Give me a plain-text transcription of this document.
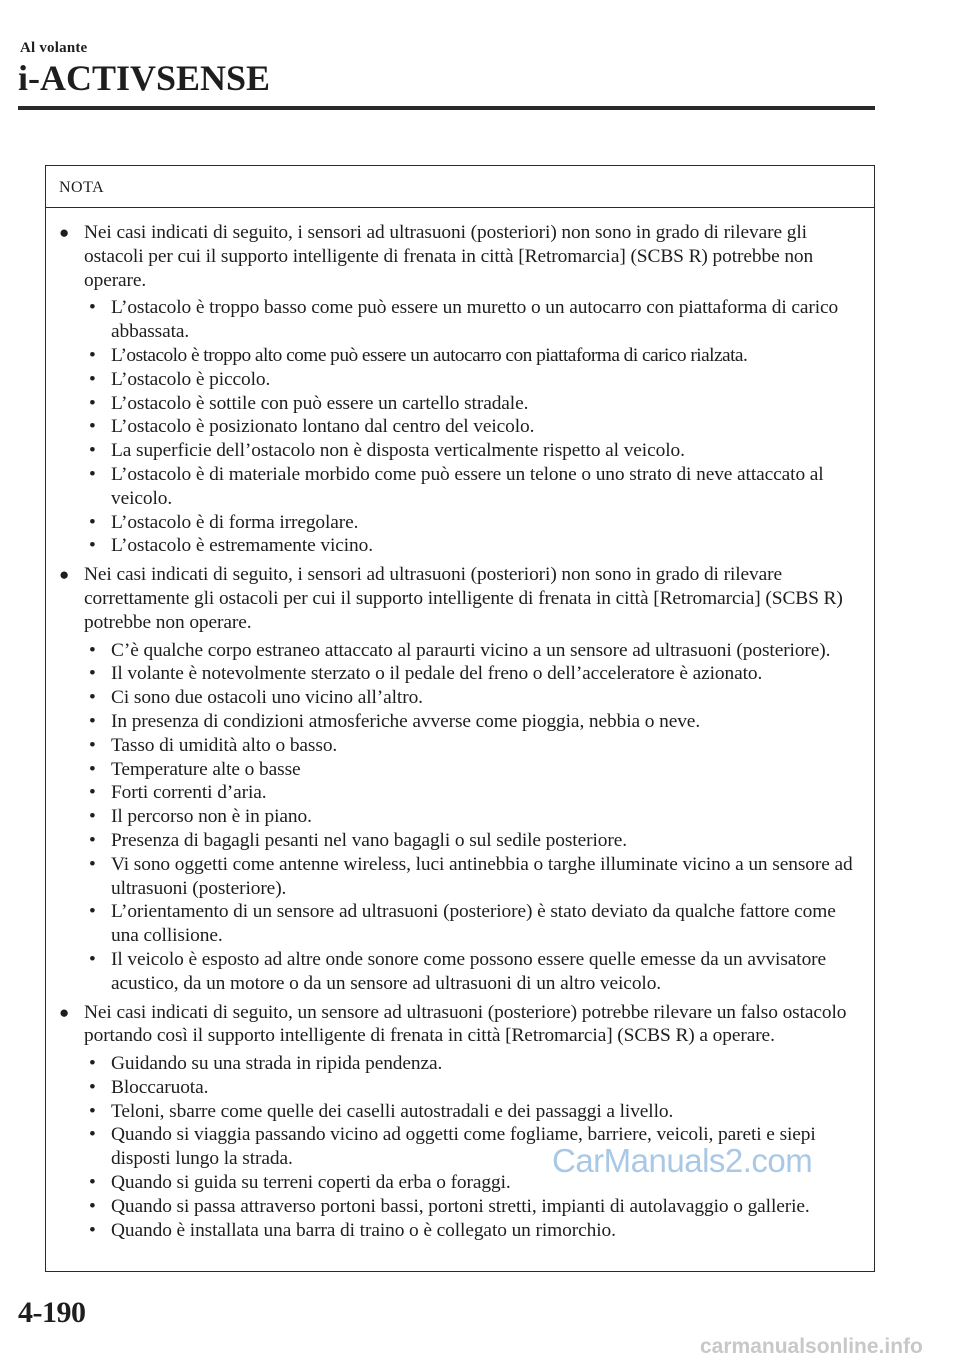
Al volante
i-ACTIVSENSE
NOTA
● Nei casi indicati di seguito, i sensori ad ultrasuoni (posteriori) non sono in grado di rilevare gli ostacoli per cui il supporto intelligente di frenata in città [Retromarcia] (SCBS R) potrebbe non operare.
• L’ostacolo è troppo basso come può essere un muretto o un autocarro con piattaforma di carico abbassata.
• L’ostacolo è troppo alto come può essere un autocarro con piattaforma di carico rialzata.
• L’ostacolo è piccolo.
• L’ostacolo è sottile con può essere un cartello stradale.
• L’ostacolo è posizionato lontano dal centro del veicolo.
• La superficie dell’ostacolo non è disposta verticalmente rispetto al veicolo.
• L’ostacolo è di materiale morbido come può essere un telone o uno strato di neve attaccato al veicolo.
• L’ostacolo è di forma irregolare.
• L’ostacolo è estremamente vicino.
● Nei casi indicati di seguito, i sensori ad ultrasuoni (posteriori) non sono in grado di rilevare correttamente gli ostacoli per cui il supporto intelligente di frenata in città [Retromarcia] (SCBS R) potrebbe non operare.
• C’è qualche corpo estraneo attaccato al paraurti vicino a un sensore ad ultrasuoni (posteriore).
• Il volante è notevolmente sterzato o il pedale del freno o dell’acceleratore è azionato.
• Ci sono due ostacoli uno vicino all’altro.
• In presenza di condizioni atmosferiche avverse come pioggia, nebbia o neve.
• Tasso di umidità alto o basso.
• Temperature alte o basse
• Forti correnti d’aria.
• Il percorso non è in piano.
• Presenza di bagagli pesanti nel vano bagagli o sul sedile posteriore.
• Vi sono oggetti come antenne wireless, luci antinebbia o targhe illuminate vicino a un sensore ad ultrasuoni (posteriore).
• L’orientamento di un sensore ad ultrasuoni (posteriore) è stato deviato da qualche fattore come una collisione.
• Il veicolo è esposto ad altre onde sonore come possono essere quelle emesse da un avvisatore acustico, da un motore o da un sensore ad ultrasuoni di un altro veicolo.
● Nei casi indicati di seguito, un sensore ad ultrasuoni (posteriore) potrebbe rilevare un falso ostacolo portando così il supporto intelligente di frenata in città [Retromarcia] (SCBS R) a operare.
• Guidando su una strada in ripida pendenza.
• Bloccaruota.
• Teloni, sbarre come quelle dei caselli autostradali e dei passaggi a livello.
• Quando si viaggia passando vicino ad oggetti come fogliame, barriere, veicoli, pareti e siepi disposti lungo la strada.
• Quando si guida su terreni coperti da erba o foraggi.
• Quando si passa attraverso portoni bassi, portoni stretti, impianti di autolavaggio o gallerie.
• Quando è installata una barra di traino o è collegato un rimorchio.
4-190
CarManuals2.com
carmanualsonline.info
